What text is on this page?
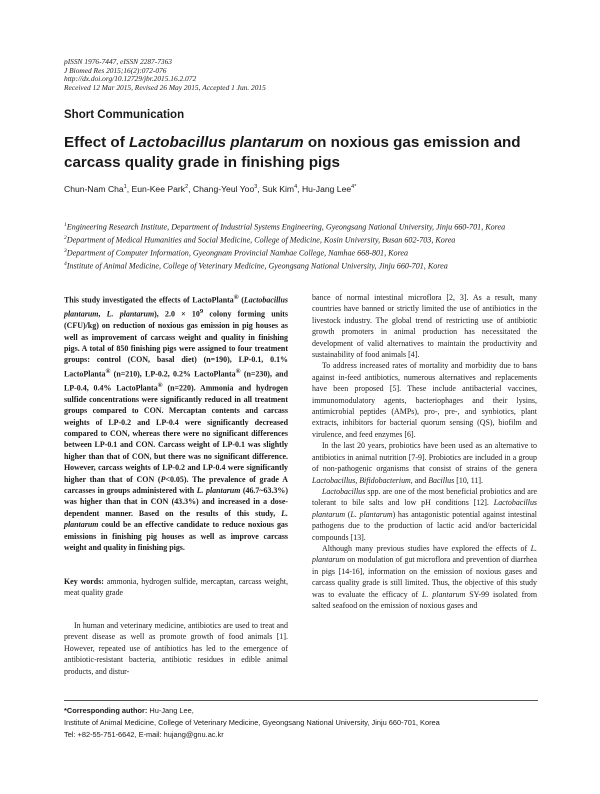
pISSN 1976-7447, eISSN 2287-7363
J Biomed Res 2015;16(2):072-076
http://dx.doi.org/10.12729/jbr.2015.16.2.072
Received 12 Mar 2015, Revised 26 May 2015, Accepted 1 Jun. 2015
Short Communication
Effect of Lactobacillus plantarum on noxious gas emission and carcass quality grade in finishing pigs
Chun-Nam Cha$^1$, Eun-Kee Park$^2$, Chang-Yeul Yoo$^3$, Suk Kim$^4$, Hu-Jang Lee$^{4*}$

$^1$Engineering Research Institute, Department of Industrial Systems Engineering, Gyeongsang National University, Jinju 660-701, Korea

$^2$Department of Medical Humanities and Social Medicine, College of Medicine, Kosin University, Busan 602-703, Korea

$^3$Department of Computer Information, Gyeongnam Provincial Namhae College, Namhae 668-801, Korea

$^4$Institute of Animal Medicine, College of Veterinary Medicine, Gyeongsang National University, Jinju 660-701, Korea

This study investigated the effects of LactoPlanta® (Lactobacillus plantarum, L. plantarum), $2.0 \times 10^9$ colony forming units (CFU)/kg) on reduction of noxious gas emission in pig houses as well as improvement of carcass weight and quality in finishing pigs. A total of 850 finishing pigs were assigned to four treatment groups: control (CON, basal diet) (n=190), LP-0.1, 0.1% LactoPlanta® (n=210), LP-0.2, 0.2% LactoPlanta® (n=230), and LP-0.4, 0.4% LactoPlanta® (n=220). Ammonia and hydrogen sulfide concentrations were significantly reduced in all treatment groups compared to CON. Mercaptan contents and carcass weights of LP-0.2 and LP-0.4 were significantly decreased compared to CON, whereas there were no significant differences between LP-0.1 and CON. Carcass weight of LP-0.1 was slightly higher than that of CON, but there was no significant difference. However, carcass weights of LP-0.2 and LP-0.4 were significantly higher than that of CON (P<0.05). The prevalence of grade A carcasses in groups administered with L. plantarum (46.7~63.3%) was higher than that in CON (43.3%) and increased in a dose-dependent manner. Based on the results of this study, L. plantarum could be an effective candidate to reduce noxious gas emissions in finishing pig houses as well as improve carcass weight and quality in finishing pigs.

Key words: ammonia, hydrogen sulfide, mercaptan, carcass weight, meat quality grade

In human and veterinary medicine, antibiotics are used to treat and prevent disease as well as promote growth of food animals [1]. However, repeated use of antibiotics has led to the emergence of antibiotic-resistant bacteria, antibiotic residues in edible animal products, and distur-

bance of normal intestinal microflora [2, 3]. As a result, many countries have banned or strictly limited the use of antibiotics in the livestock industry. The global trend of restricting use of antibiotic growth promoters in animal production has necessitated the development of valid alternatives to maintain the productivity and sustainability of food animals [4].

To address increased rates of mortality and morbidity due to bans against in-feed antibiotics, numerous alternatives and replacements have been proposed [5]. These include antibacterial vaccines, immunomodulatory agents, bacteriophages and their lysins, antimicrobial peptides (AMPs), pro-, pre-, and synbiotics, plant extracts, inhibitors for bacterial quorum sensing (QS), biofilm and virulence, and feed enzymes [6].

In the last 20 years, probiotics have been used as an alternative to antibiotics in animal nutrition [7-9]. Probiotics are included in a group of non-pathogenic organisms that consist of strains of the genera Lactobacillus, Bifidobacterium, and Bacillus [10, 11].

Lactobacillus spp. are one of the most beneficial probiotics and are tolerant to bile salts and low pH conditions [12]. Lactobacillus plantarum (L. plantarum) has antagonistic potential against intestinal pathogens due to the production of lactic acid and/or bactericidal compounds [13].

Although many previous studies have explored the effects of L. plantarum on modulation of gut microflora and prevention of diarrhea in pigs [14-16], information on the emission of noxious gases and carcass quality grade is still limited. Thus, the objective of this study was to evaluate the efficacy of L. plantarum SY-99 isolated from salted seafood on the emission of noxious gases and

*Corresponding author: Hu-Jang Lee,
Institute of Animal Medicine, College of Veterinary Medicine, Gyeongsang National University, Jinju 660-701, Korea
Tel: +82-55-751-6642, E-mail: hujang@gnu.ac.kr
